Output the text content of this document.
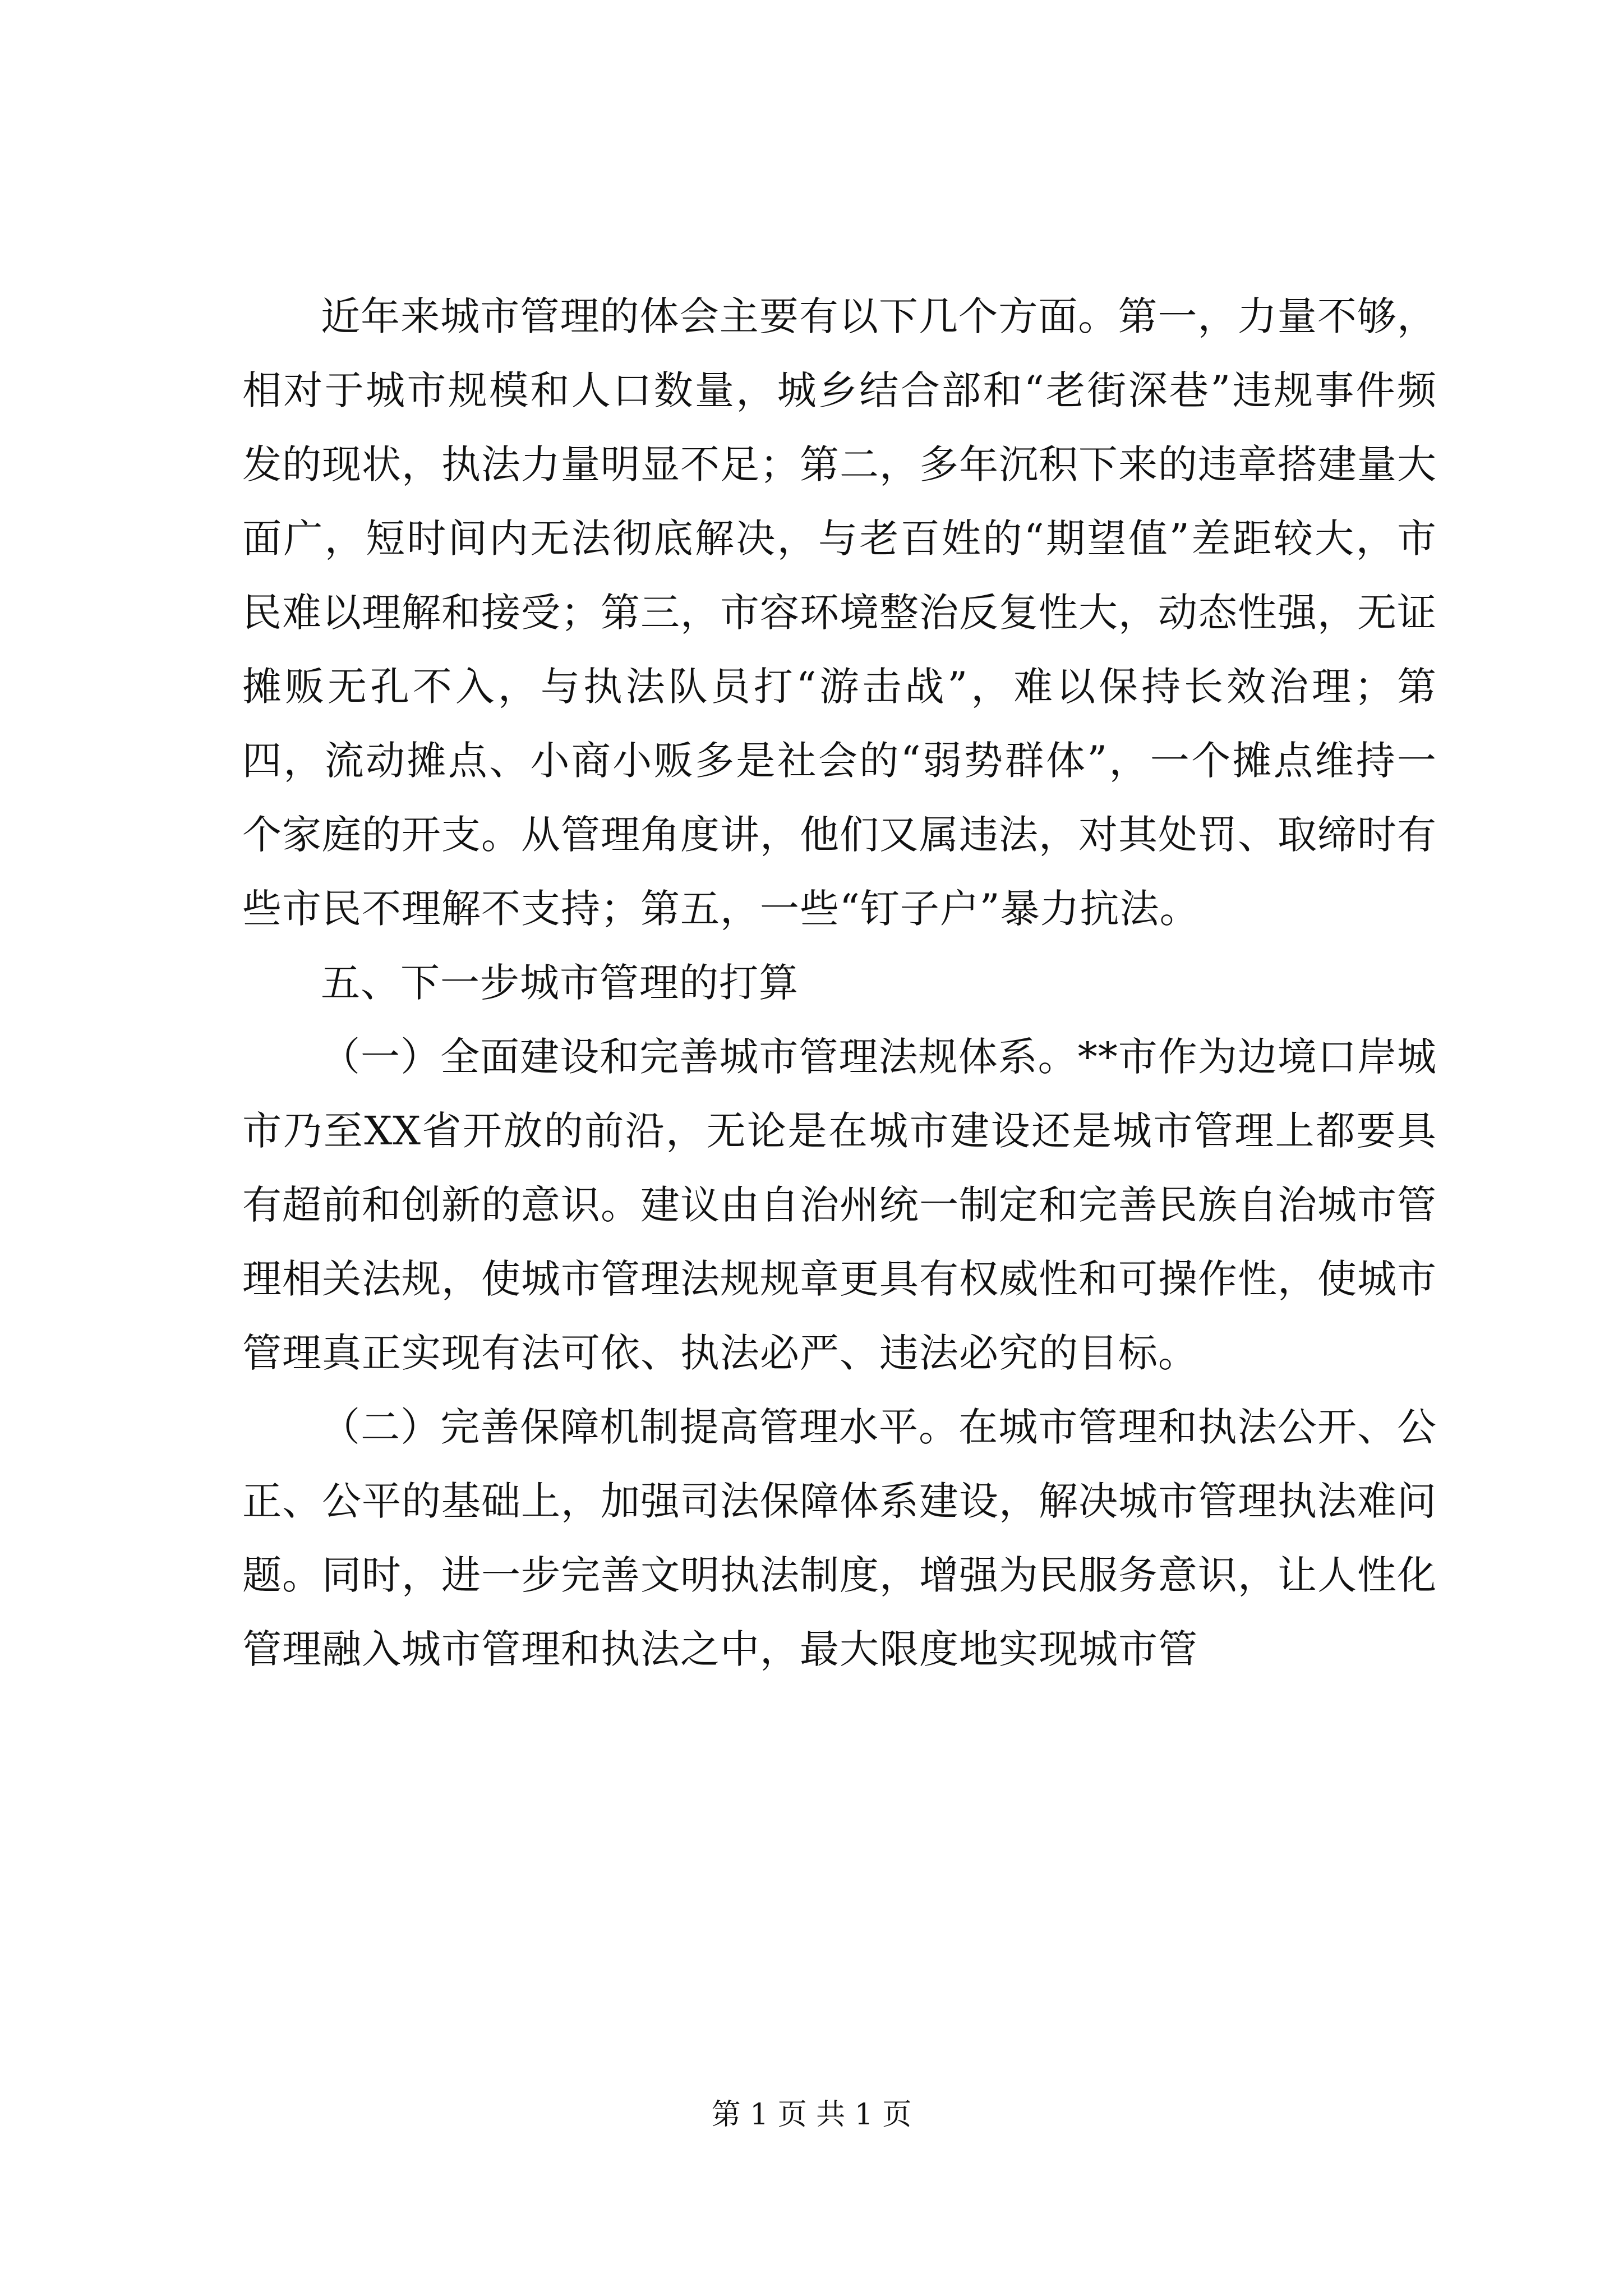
近年来城市管理的体会主要有以下几个方面。第一，力量不够，相对于城市规模和人口数量，城乡结合部和“老街深巷”违规事件频发的现状，执法力量明显不足；第二，多年沉积下来的违章搭建量大面广，短时间内无法彻底解决，与老百姓的“期望值”差距较大，市民难以理解和接受；第三，市容环境整治反复性大，动态性强，无证摊贩无孔不入，与执法队员打“游击战”，难以保持长效治理；第四，流动摊点、小商小贩多是社会的“弱势群体”，一个摊点维持一个家庭的开支。从管理角度讲，他们又属违法，对其处罚、取缔时有些市民不理解不支持；第五，一些“钉子户”暴力抗法。

五、下一步城市管理的打算

（一）全面建设和完善城市管理法规体系。**市作为边境口岸城市乃至XX省开放的前沿，无论是在城市建设还是城市管理上都要具有超前和创新的意识。建议由自治州统一制定和完善民族自治城市管理相关法规，使城市管理法规规章更具有权威性和可操作性，使城市管理真正实现有法可依、执法必严、违法必究的目标。

（二）完善保障机制提高管理水平。在城市管理和执法公开、公正、公平的基础上，加强司法保障体系建设，解决城市管理执法难问题。同时，进一步完善文明执法制度，增强为民服务意识，让人性化管理融入城市管理和执法之中，最大限度地实现城市管

第 1 页 共 1 页
